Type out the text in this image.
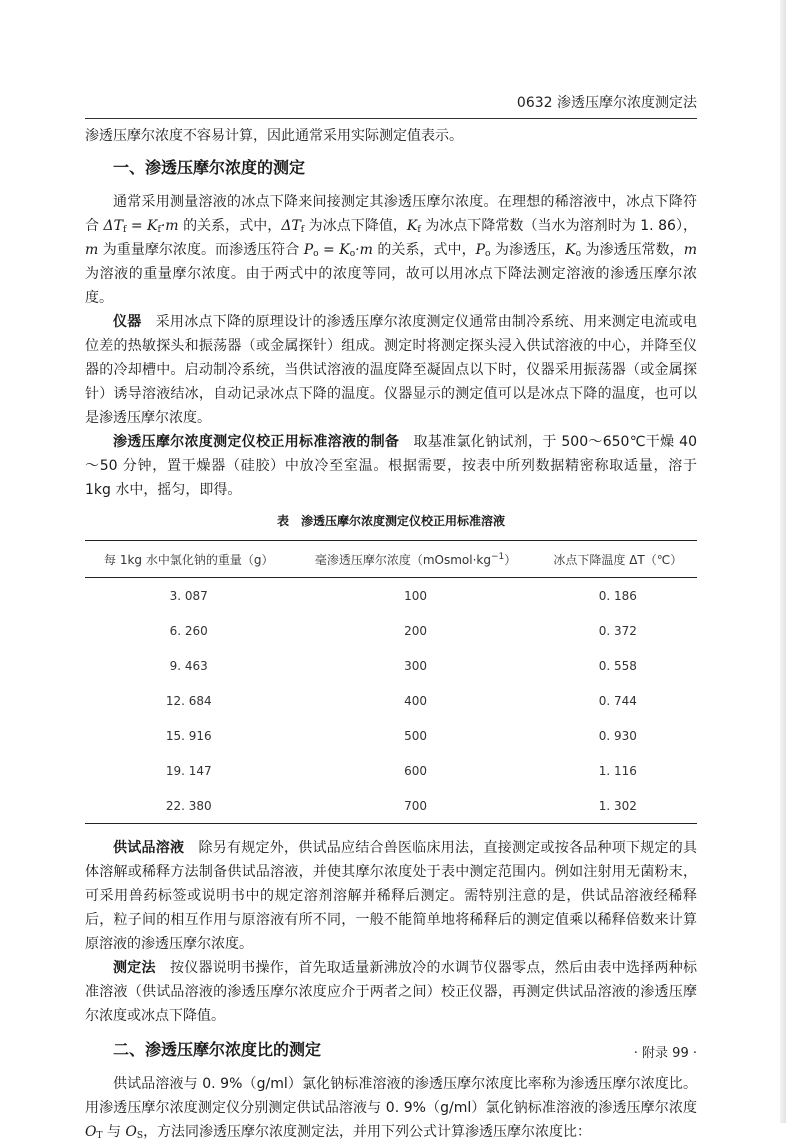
0632 渗透压摩尔浓度测定法

渗透压摩尔浓度不容易计算，因此通常采用实际测定值表示。

一、渗透压摩尔浓度的测定

通常采用测量溶液的冰点下降来间接测定其渗透压摩尔浓度。在理想的稀溶液中，冰点下降符合 $\Delta T_f = K_f\cdot m$ 的关系，式中，$\Delta T_f$ 为冰点下降值，$K_f$ 为冰点下降常数（当水为溶剂时为 1. 86），m 为重量摩尔浓度。而渗透压符合 $P_o = K_o\cdot m$ 的关系，式中，$P_o$ 为渗透压，$K_o$ 为渗透压常数，m 为溶液的重量摩尔浓度。由于两式中的浓度等同，故可以用冰点下降法测定溶液的渗透压摩尔浓度。

仪器　采用冰点下降的原理设计的渗透压摩尔浓度测定仪通常由制冷系统、用来测定电流或电位差的热敏探头和振荡器（或金属探针）组成。测定时将测定探头浸入供试溶液的中心，并降至仪器的冷却槽中。启动制冷系统，当供试溶液的温度降至凝固点以下时，仪器采用振荡器（或金属探针）诱导溶液结冰，自动记录冰点下降的温度。仪器显示的测定值可以是冰点下降的温度，也可以是渗透压摩尔浓度。

渗透压摩尔浓度测定仪校正用标准溶液的制备　取基准氯化钠试剂，于 500～650℃干燥 40～50 分钟，置干燥器（硅胶）中放冷至室温。根据需要，按表中所列数据精密称取适量，溶于 1kg 水中，摇匀，即得。

表　渗透压摩尔浓度测定仪校正用标准溶液
每 1kg 水中氯化钠的重量（g）	毫渗透压摩尔浓度$(mOsmol\cdot kg^{-1})$	冰点下降温度 ΔT（℃）
3. 087	100	0. 186
6. 260	200	0. 372
9. 463	300	0. 558
12. 684	400	0. 744
15. 916	500	0. 930
19. 147	600	1. 116
22. 380	700	1. 302

供试品溶液　除另有规定外，供试品应结合兽医临床用法，直接测定或按各品种项下规定的具体溶解或稀释方法制备供试品溶液，并使其摩尔浓度处于表中测定范围内。例如注射用无菌粉末，可采用兽药标签或说明书中的规定溶剂溶解并稀释后测定。需特别注意的是，供试品溶液经稀释后，粒子间的相互作用与原溶液有所不同，一般不能简单地将稀释后的测定值乘以稀释倍数来计算原溶液的渗透压摩尔浓度。

测定法　按仪器说明书操作，首先取适量新沸放冷的水调节仪器零点，然后由表中选择两种标准溶液（供试品溶液的渗透压摩尔浓度应介于两者之间）校正仪器，再测定供试品溶液的渗透压摩尔浓度或冰点下降值。

二、渗透压摩尔浓度比的测定

供试品溶液与 0. 9%（g/ml）氯化钠标准溶液的渗透压摩尔浓度比率称为渗透压摩尔浓度比。用渗透压摩尔浓度测定仪分别测定供试品溶液与 0. 9%（g/ml）氯化钠标准溶液的渗透压摩尔浓度 $O_T$ 与 $O_S$，方法同渗透压摩尔浓度测定法，并用下列公式计算渗透压摩尔浓度比：

· 附录 99 ·
